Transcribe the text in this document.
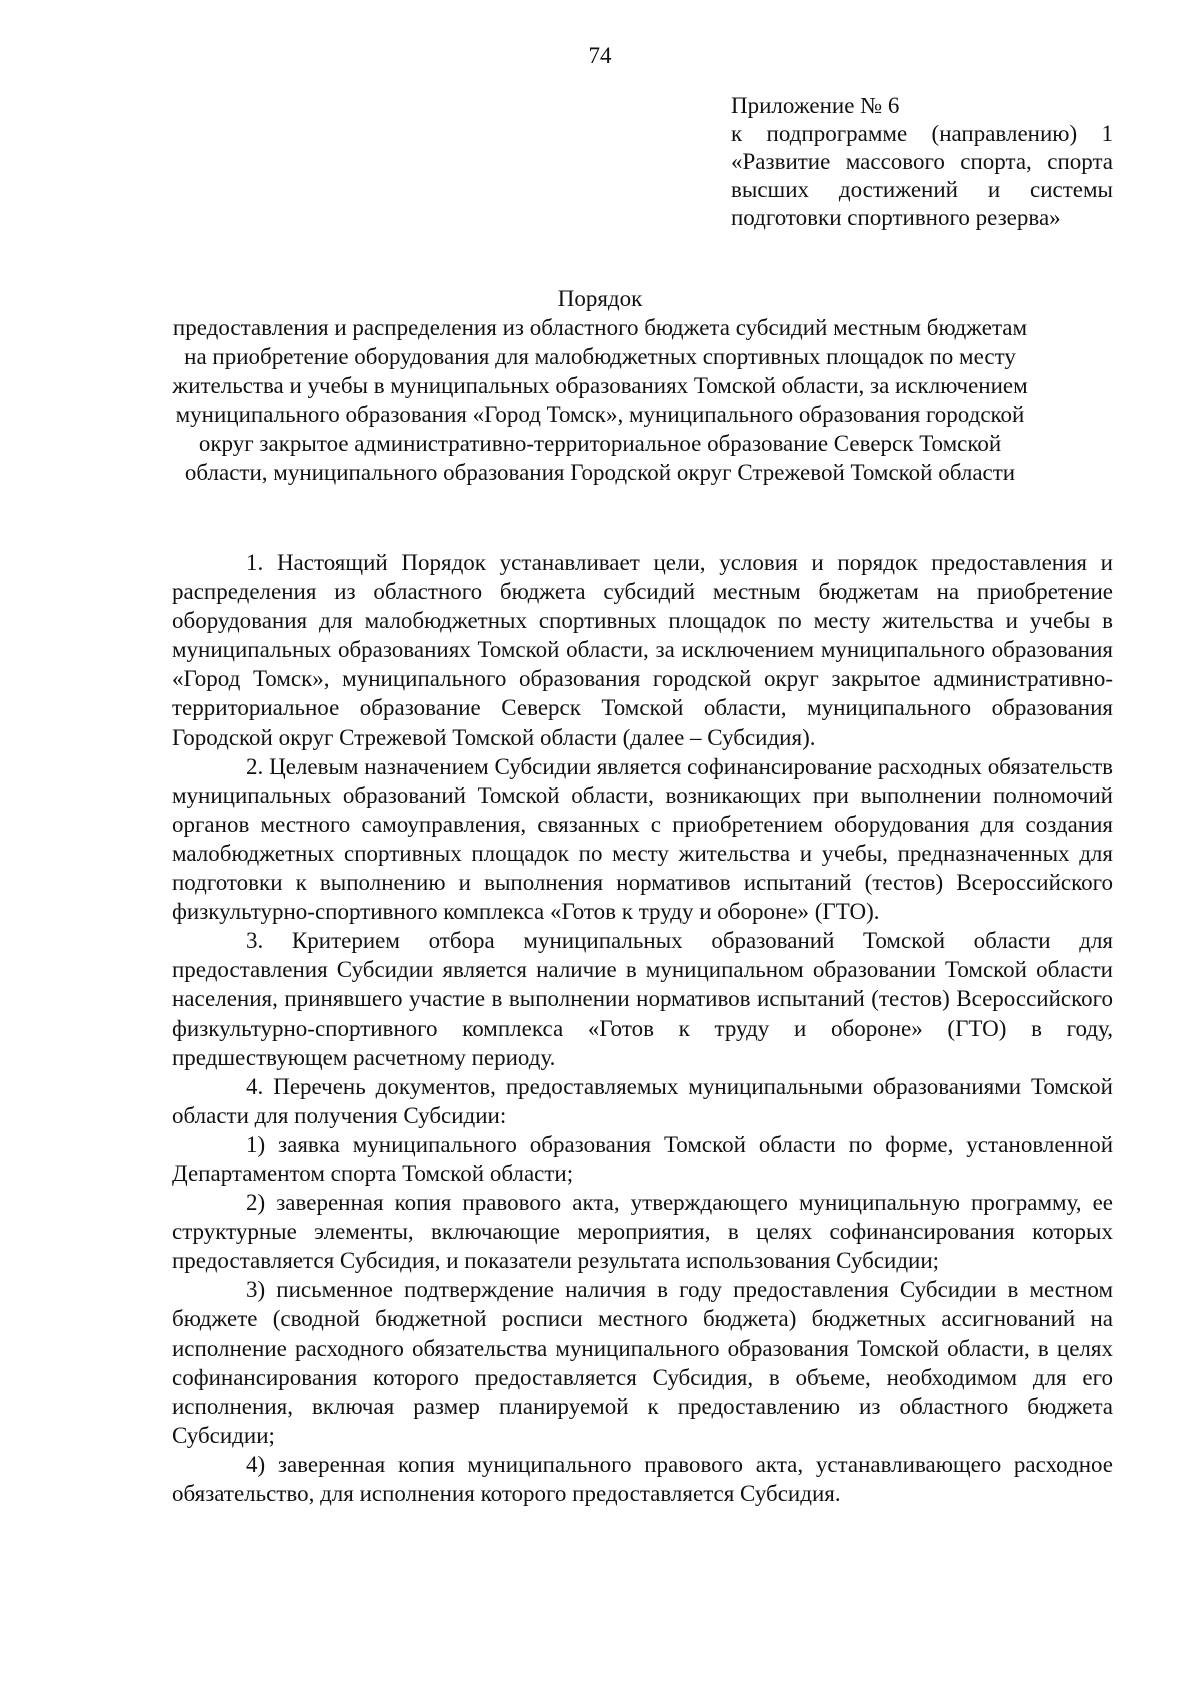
74
Приложение № 6
к подпрограмме (направлению) 1
«Развитие массового спорта, спорта
высших достижений и системы
подготовки спортивного резерва»
Порядок
предоставления и распределения из областного бюджета субсидий местным бюджетам
на приобретение оборудования для малобюджетных спортивных площадок по месту
жительства и учебы в муниципальных образованиях Томской области, за исключением
муниципального образования «Город Томск», муниципального образования городской
округ закрытое административно-территориальное образование Северск Томской
области, муниципального образования Городской округ Стрежевой Томской области

1. Настоящий Порядок устанавливает цели, условия и порядок предоставления и распределения из областного бюджета субсидий местным бюджетам на приобретение оборудования для малобюджетных спортивных площадок по месту жительства и учебы в муниципальных образованиях Томской области, за исключением муниципального образования «Город Томск», муниципального образования городской округ закрытое административно-территориальное образование Северск Томской области, муниципального образования Городской округ Стрежевой Томской области (далее – Субсидия).

2. Целевым назначением Субсидии является софинансирование расходных обязательств муниципальных образований Томской области, возникающих при выполнении полномочий органов местного самоуправления, связанных с приобретением оборудования для создания малобюджетных спортивных площадок по месту жительства и учебы, предназначенных для подготовки к выполнению и выполнения нормативов испытаний (тестов) Всероссийского физкультурно-спортивного комплекса «Готов к труду и обороне» (ГТО).

3. Критерием отбора муниципальных образований Томской области для предоставления Субсидии является наличие в муниципальном образовании Томской области населения, принявшего участие в выполнении нормативов испытаний (тестов) Всероссийского физкультурно-спортивного комплекса «Готов к труду и обороне» (ГТО) в году, предшествующем расчетному периоду.

4. Перечень документов, предоставляемых муниципальными образованиями Томской области для получения Субсидии:

1) заявка муниципального образования Томской области по форме, установленной Департаментом спорта Томской области;

2) заверенная копия правового акта, утверждающего муниципальную программу, ее структурные элементы, включающие мероприятия, в целях софинансирования которых предоставляется Субсидия, и показатели результата использования Субсидии;

3) письменное подтверждение наличия в году предоставления Субсидии в местном бюджете (сводной бюджетной росписи местного бюджета) бюджетных ассигнований на исполнение расходного обязательства муниципального образования Томской области, в целях софинансирования которого предоставляется Субсидия, в объеме, необходимом для его исполнения, включая размер планируемой к предоставлению из областного бюджета Субсидии;

4) заверенная копия муниципального правового акта, устанавливающего расходное обязательство, для исполнения которого предоставляется Субсидия.
